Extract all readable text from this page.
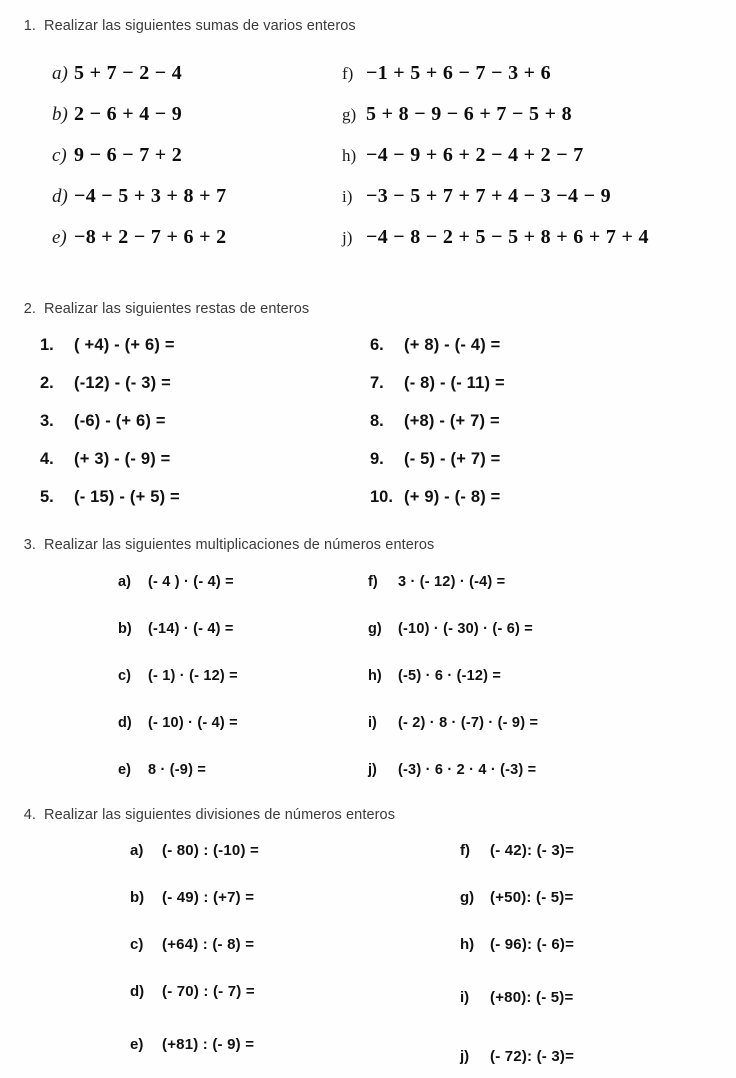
1. Realizar las siguientes sumas de varios enteros
a) 5 + 7 − 2 − 4
b) 2 − 6 + 4 − 9
c) 9 − 6 − 7 + 2
d) −4 − 5 + 3 + 8 + 7
e) −8 + 2 − 7 + 6 + 2
f) −1 + 5 + 6 − 7 − 3 + 6
g) 5 + 8 − 9 − 6 + 7 − 5 + 8
h) −4 − 9 + 6 + 2 − 4 + 2 − 7
i) −3 − 5 + 7 + 7 + 4 − 3 −4 − 9
j) −4 − 8 − 2 + 5 − 5 + 8 + 6 + 7 + 4
2. Realizar las siguientes restas de enteros
1.	( +4) - (+ 6) =
2.	(-12) - (- 3) =
3.	(-6) - (+ 6) =
4.	(+ 3) - (- 9) =
5.	(- 15) - (+ 5) =
6.	(+ 8) - (- 4) =
7.	(- 8) - (- 11) =
8.	(+8) - (+ 7) =
9.	(- 5) - (+ 7) =
10. (+ 9) - (- 8) =
3. Realizar las siguientes multiplicaciones de números enteros
a)	(- 4 ) · (- 4) =
b)	(-14) · (- 4) =
c)	(- 1) · (- 12) =
d)	(- 10) · (- 4) =
e)	8 · (-9) =
f)	3 · (- 12) · (-4) =
g)	(-10) · (- 30) · (- 6) =
h)	(-5) · 6 · (-12) =
i)	(- 2) · 8 · (-7) · (- 9) =
j)	(-3) · 6 · 2 · 4 · (-3) =
4. Realizar las siguientes divisiones de números enteros
a)	(- 80) : (-10) =
b)	(- 49) : (+7) =
c)	(+64) : (- 8) =
d)	(- 70) : (- 7) =
e)	(+81) : (- 9) =
f)	(- 42): (- 3)=
g)	(+50): (- 5)=
h)	(- 96): (- 6)=
i)	(+80): (- 5)=
j)	(- 72): (- 3)=
